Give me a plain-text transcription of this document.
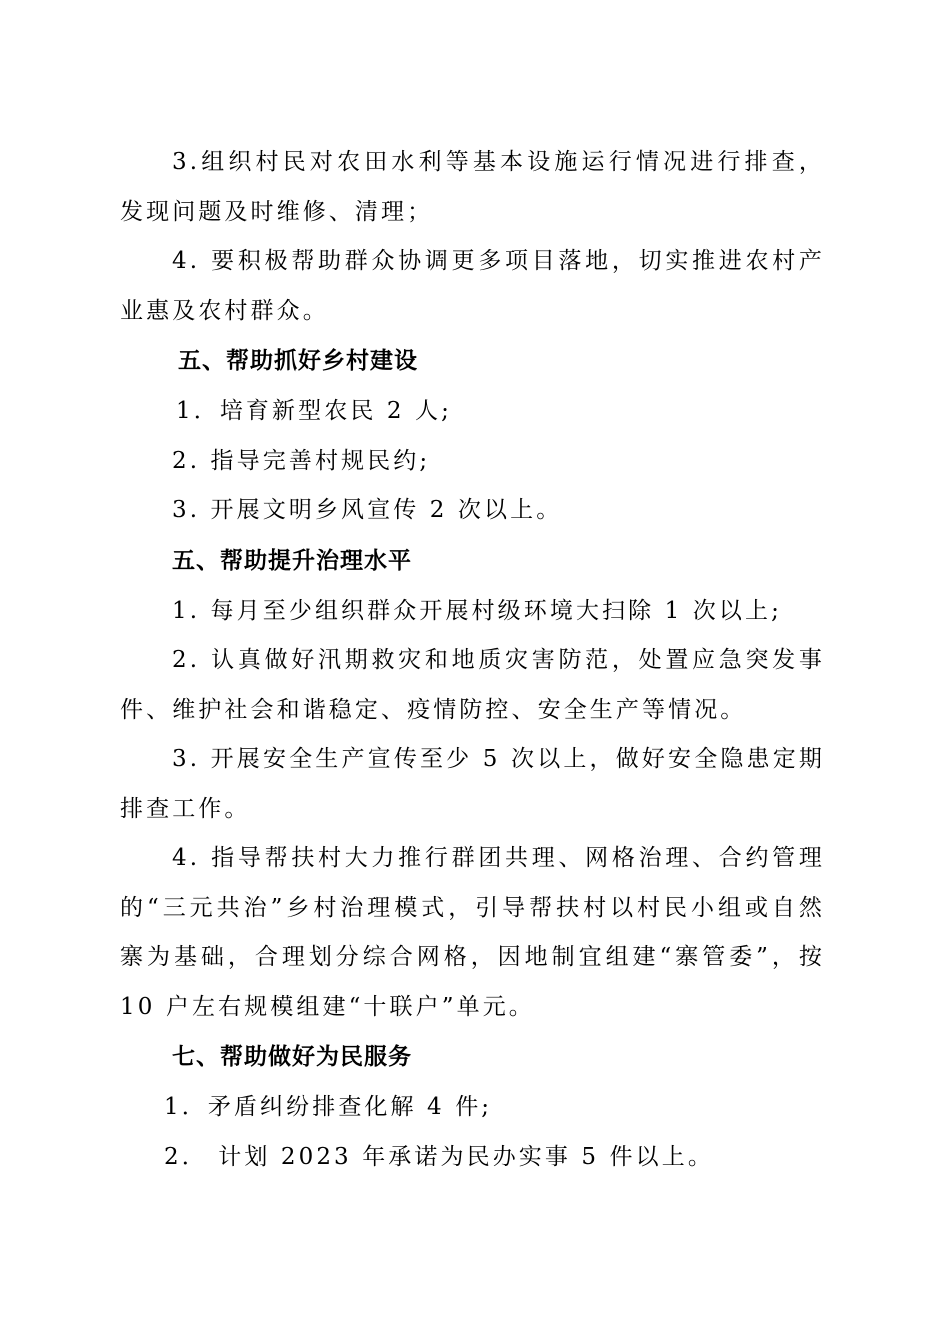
3.组织村民对农田水利等基本设施运行情况进行排查，发现问题及时维修、清理；

4. 要积极帮助群众协调更多项目落地，切实推进农村产业惠及农村群众。

五、帮助抓好乡村建设

1．培育新型农民 2 人;

2. 指导完善村规民约;

3. 开展文明乡风宣传 2 次以上。

五、帮助提升治理水平

1. 每月至少组织群众开展村级环境大扫除 1 次以上;

2. 认真做好汛期救灾和地质灾害防范，处置应急突发事件、维护社会和谐稳定、疫情防控、安全生产等情况。

3. 开展安全生产宣传至少 5 次以上，做好安全隐患定期排查工作。

4. 指导帮扶村大力推行群团共理、网格治理、合约管理的“三元共治”乡村治理模式，引导帮扶村以村民小组或自然寨为基础，合理划分综合网格，因地制宜组建“寨管委”，按 10 户左右规模组建“十联户”单元。

七、帮助做好为民服务

1．矛盾纠纷排查化解 4 件;

2． 计划 2023 年承诺为民办实事 5 件以上。
